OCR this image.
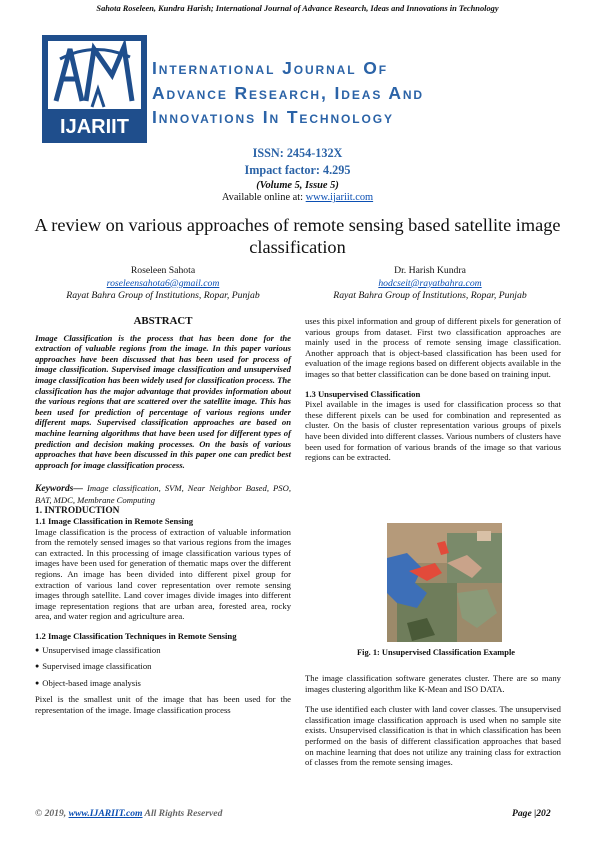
Sahota Roseleen, Kundra Harish; International Journal of Advance Research, Ideas and Innovations in Technology
IJARIIT
International Journal Of
Advance Research, Ideas And
Innovations In Technology
ISSN: 2454-132X
Impact factor: 4.295
(Volume 5, Issue 5)
Available online at: www.ijariit.com
A review on various approaches of remote sensing based satellite image classification
Roseleen Sahota
roseleensahota6@gmail.com
Rayat Bahra Group of Institutions, Ropar, Punjab
Dr. Harish Kundra
hodcseit@rayatbahra.com
Rayat Bahra Group of Institutions, Ropar, Punjab
ABSTRACT

Image Classification is the process that has been done for the extraction of valuable regions from the image. In this paper various approaches have been discussed that has been used for process of image classification. Supervised image classification and unsupervised image classification has been widely used for classification process. The classification has the major advantage that provides information about the various regions that are scattered over the satellite image. This has been used for prediction of percentage of various regions under different maps. Supervised classification approaches are based on machine learning algorithms that have been used for different types of prediction and decision making processes. On the basis of various approaches that have been discussed in this paper one can predict best approach for image classification process.

Keywords— Image classification, SVM, Near Neighbor Based, PSO, BAT, MDC, Membrane Computing

1. INTRODUCTION
1.1 Image Classification in Remote Sensing

Image classification is the process of extraction of valuable information from the remotely sensed images so that various regions from the images can extracted. In this processing of image classification various types of images have been used for generation of thematic maps over the different regions. An image has been divided into different pixel group for extraction of various land cover representation over remote sensing images through satellite. Land cover images divide images into different image representation regions that are urban area, forested area, rocky area, and water region and agriculture area.

1.2 Image Classification Techniques in Remote Sensing
● Unsupervised image classification
● Supervised image classification
● Object-based image analysis

Pixel is the smallest unit of the image that has been used for the representation of the image. Image classification process

uses this pixel information and group of different pixels for generation of various groups from dataset. First two classification approaches are mainly used in the process of remote sensing image classification. Another approach that is object-based classification has been used for evaluation of the image regions based on different objects available in the images so that better classification can be done based on training input.

1.3 Unsupervised Classification

Pixel available in the images is used for classification process so that these different pixels can be used for combination and represented as cluster. On the basis of cluster representation various groups of pixels have been divided into different classes. Various numbers of clusters have been used for formation of various brands of the image so that various regions can be extracted.

Fig. 1: Unsupervised Classification Example

The image classification software generates cluster. There are so many images clustering algorithm like K-Mean and ISO DATA.

The use identified each cluster with land cover classes. The unsupervised classification image classification approach is used when no sample site exists. Unsupervised classification is that in which classification has been performed on the basis of different classification approaches that based on machine learning that does not utilize any training class for extraction of classes from the remote sensing images.

© 2019, www.IJARIIT.com All Rights Reserved	Page |202
